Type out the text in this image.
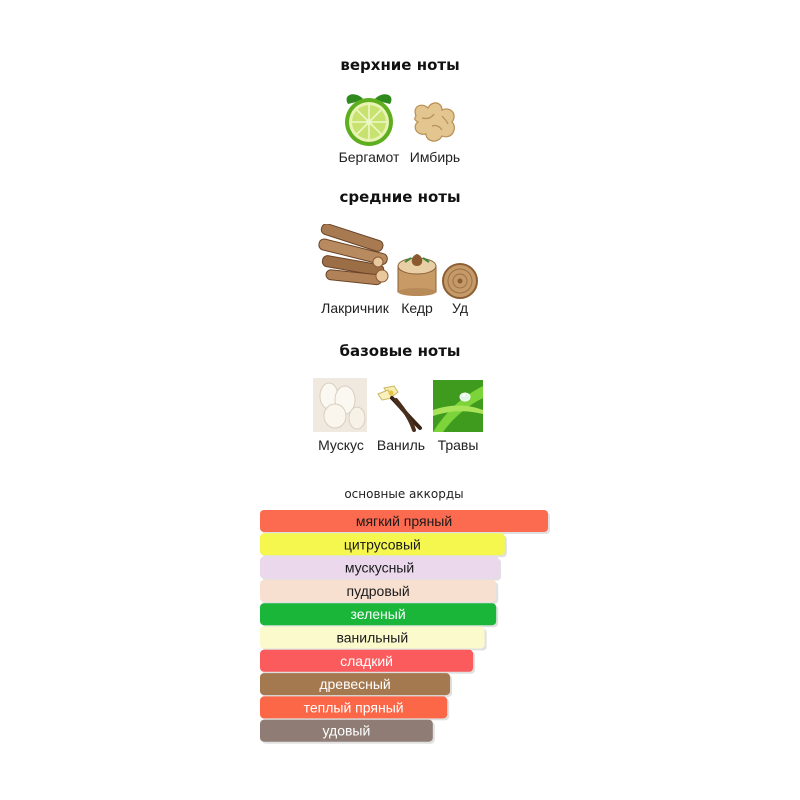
верхние ноты
Бергамот Имбирь
средние ноты
Лакричник Кедр	Уд
базовые ноты
Мускус Ваниль Травы
основные аккорды
мягкий пряный
цитрусовый
мускусный
пудровый
зеленый
ванильный
сладкий
древесный
теплый пряный
удовый
